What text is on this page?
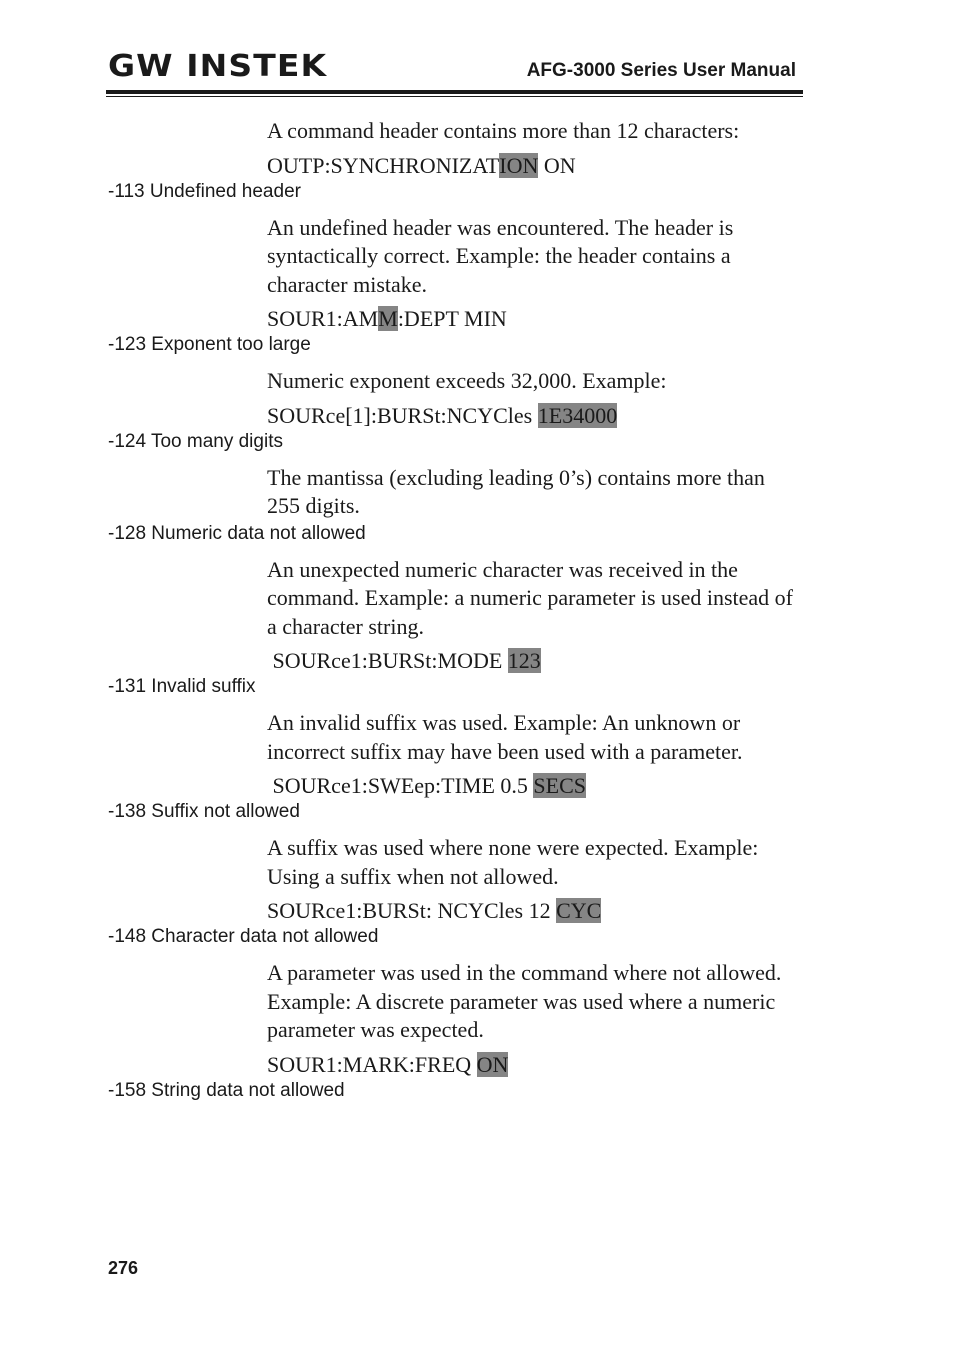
GW INSTEK	AFG-3000 Series User Manual

A command header contains more than 12 characters:

OUTP:SYNCHRONIZATION ON

-113 Undefined header

An undefined header was encountered. The header is syntactically correct. Example: the header contains a character mistake.

SOUR1:AMM:DEPT MIN

-123 Exponent too large

Numeric exponent exceeds 32,000. Example:

SOURce[1]:BURSt:NCYCles 1E34000

-124 Too many digits

The mantissa (excluding leading 0’s) contains more than 255 digits.

-128 Numeric data not allowed

An unexpected numeric character was received in the command. Example: a numeric parameter is used instead of a character string.

SOURce1:BURSt:MODE 123

-131 Invalid suffix

An invalid suffix was used. Example: An unknown or incorrect suffix may have been used with a parameter.

SOURce1:SWEep:TIME 0.5 SECS

-138 Suffix not allowed

A suffix was used where none were expected. Example: Using a suffix when not allowed.

SOURce1:BURSt: NCYCles 12 CYC

-148 Character data not allowed

A parameter was used in the command where not allowed. Example: A discrete parameter was used where a numeric parameter was expected.

SOUR1:MARK:FREQ ON

-158 String data not allowed
276
